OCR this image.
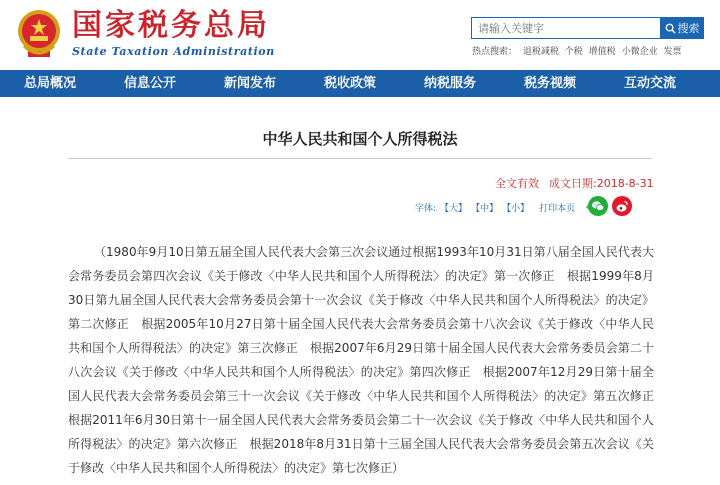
国家税务总局
State Taxation Administration
请输入关键字
搜索
热点搜索： 退税减税 个税 增值税 小微企业 发票
总局概况	信息公开	新闻发布	税收政策	纳税服务	税务视频	互动交流
中华人民共和国个人所得税法
全文有效 成文日期:2018-8-31
字体: 【大】 【中】 【小】 打印本页
（1980年9月10日第五届全国人民代表大会第三次会议通过根据1993年10月31日第八届全国人民代表大会常务委员会第四次会议《关于修改〈中华人民共和国个人所得税法〉的决定》第一次修正　根据1999年8月30日第九届全国人民代表大会常务委员会第十一次会议《关于修改〈中华人民共和国个人所得税法〉的决定》第二次修正　根据2005年10月27日第十届全国人民代表大会常务委员会第十八次会议《关于修改〈中华人民共和国个人所得税法〉的决定》第三次修正　根据2007年6月29日第十届全国人民代表大会常务委员会第二十八次会议《关于修改〈中华人民共和国个人所得税法〉的决定》第四次修正　根据2007年12月29日第十届全国人民代表大会常务委员会第三十一次会议《关于修改〈中华人民共和国个人所得税法〉的决定》第五次修正　根据2011年6月30日第十一届全国人民代表大会常务委员会第二十一次会议《关于修改〈中华人民共和国个人所得税法〉的决定》第六次修正　根据2018年8月31日第十三届全国人民代表大会常务委员会第五次会议《关于修改〈中华人民共和国个人所得税法〉的决定》第七次修正）
